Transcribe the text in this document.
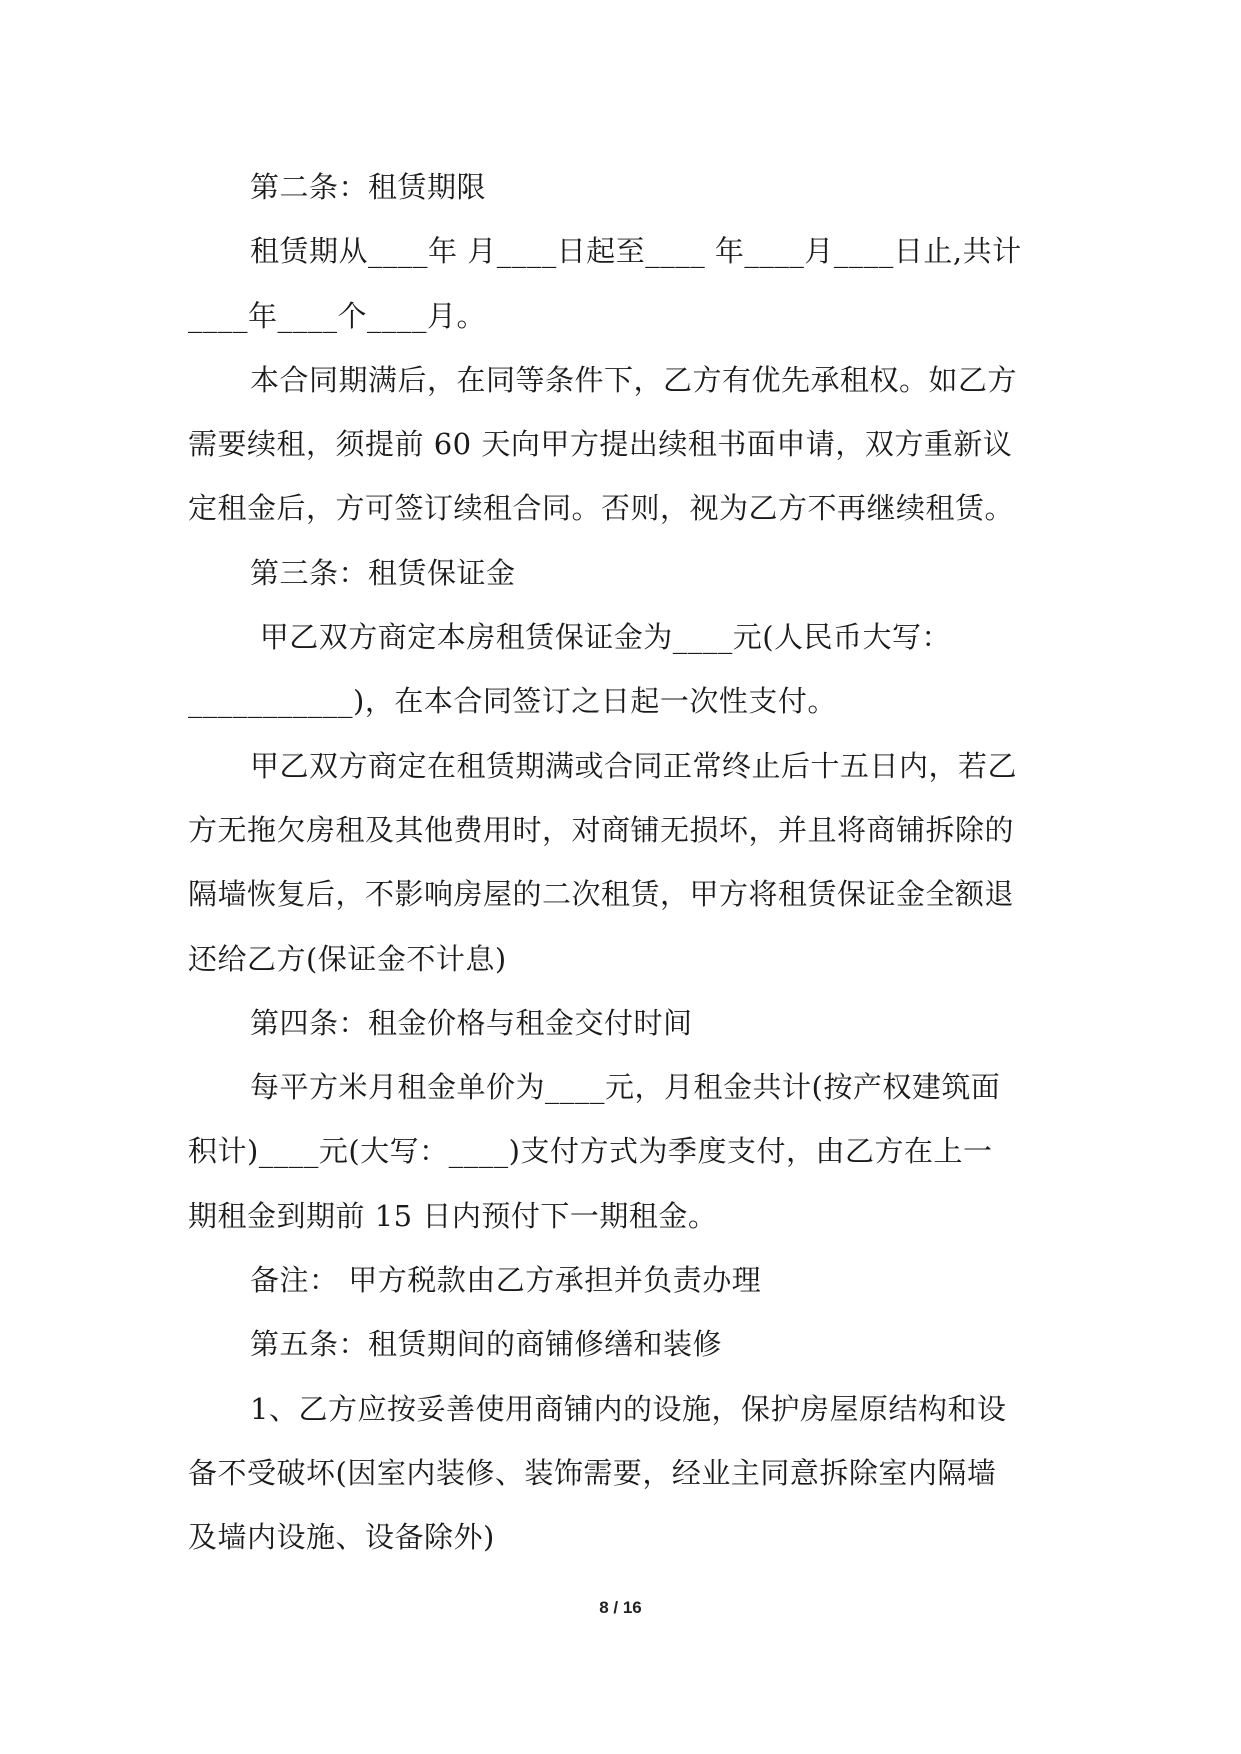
第二条：租赁期限
租赁期从____年 月____日起至____ 年____月____日止,共计
____年____个____月。
本合同期满后，在同等条件下，乙方有优先承租权。如乙方
需要续租，须提前 60 天向甲方提出续租书面申请，双方重新议
定租金后，方可签订续租合同。否则，视为乙方不再继续租赁。
第三条：租赁保证金
甲乙双方商定本房租赁保证金为____元(人民币大写：
___________)，在本合同签订之日起一次性支付。
甲乙双方商定在租赁期满或合同正常终止后十五日内，若乙
方无拖欠房租及其他费用时，对商铺无损坏，并且将商铺拆除的
隔墙恢复后，不影响房屋的二次租赁，甲方将租赁保证金全额退
还给乙方(保证金不计息)
第四条：租金价格与租金交付时间
每平方米月租金单价为____元，月租金共计(按产权建筑面
积计)____元(大写：____)支付方式为季度支付，由乙方在上一
期租金到期前 15 日内预付下一期租金。
备注： 甲方税款由乙方承担并负责办理
第五条：租赁期间的商铺修缮和装修
1、乙方应按妥善使用商铺内的设施，保护房屋原结构和设
备不受破坏(因室内装修、装饰需要，经业主同意拆除室内隔墙
及墙内设施、设备除外)
8 / 16
